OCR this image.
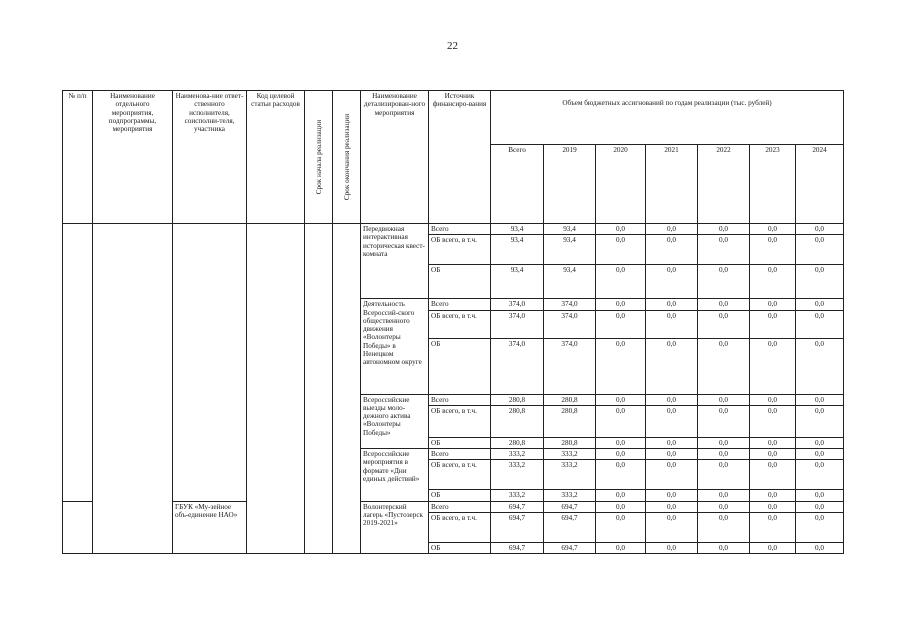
22
№ п/п	Наименование отдельного мероприятия, подпрограммы, мероприятия	Наименова-ние ответ-ственного исполнителя, соисполни-теля, участника	Код целевой статьи расходов	Срок начала реализации	Срок окончания реализации	Наименование детализирован-ного мероприятия	Источник финансиро-вания	Объем бюджетных ассигнований по годам реализации (тыс. рублей)						
								Всего	2019	2020	2021	2022	2023	2024
						Передвижная интерактивная историческая квест-комната	Всего	93,4	93,4	0,0	0,0	0,0	0,0	0,0
							ОБ всего, в т.ч.	93,4	93,4	0,0	0,0	0,0	0,0	0,0
							ОБ	93,4	93,4	0,0	0,0	0,0	0,0	0,0
						Деятельность Всероссий-ского общественного движения «Волонтеры Победы» в Ненецком автономном округе	Всего	374,0	374,0	0,0	0,0	0,0	0,0	0,0
							ОБ всего, в т.ч.	374,0	374,0	0,0	0,0	0,0	0,0	0,0
							ОБ	374,0	374,0	0,0	0,0	0,0	0,0	0,0
						Всероссийские выезды моло-дежного актива «Волонтеры Победы»	Всего	280,8	280,8	0,0	0,0	0,0	0,0	0,0
							ОБ всего, в т.ч.	280,8	280,8	0,0	0,0	0,0	0,0	0,0
							ОБ	280,8	280,8	0,0	0,0	0,0	0,0	0,0
						Всероссийские мероприятия в формате «Дни единых действий»	Всего	333,2	333,2	0,0	0,0	0,0	0,0	0,0
							ОБ всего, в т.ч.	333,2	333,2	0,0	0,0	0,0	0,0	0,0
							ОБ	333,2	333,2	0,0	0,0	0,0	0,0	0,0
		ГБУК «Му-зейное объ-единение НАО»				Волонтерский лагерь «Пустозерск 2019-2021»	Всего	694,7	694,7	0,0	0,0	0,0	0,0	0,0
							ОБ всего, в т.ч.	694,7	694,7	0,0	0,0	0,0	0,0	0,0
							ОБ	694,7	694,7	0,0	0,0	0,0	0,0	0,0
